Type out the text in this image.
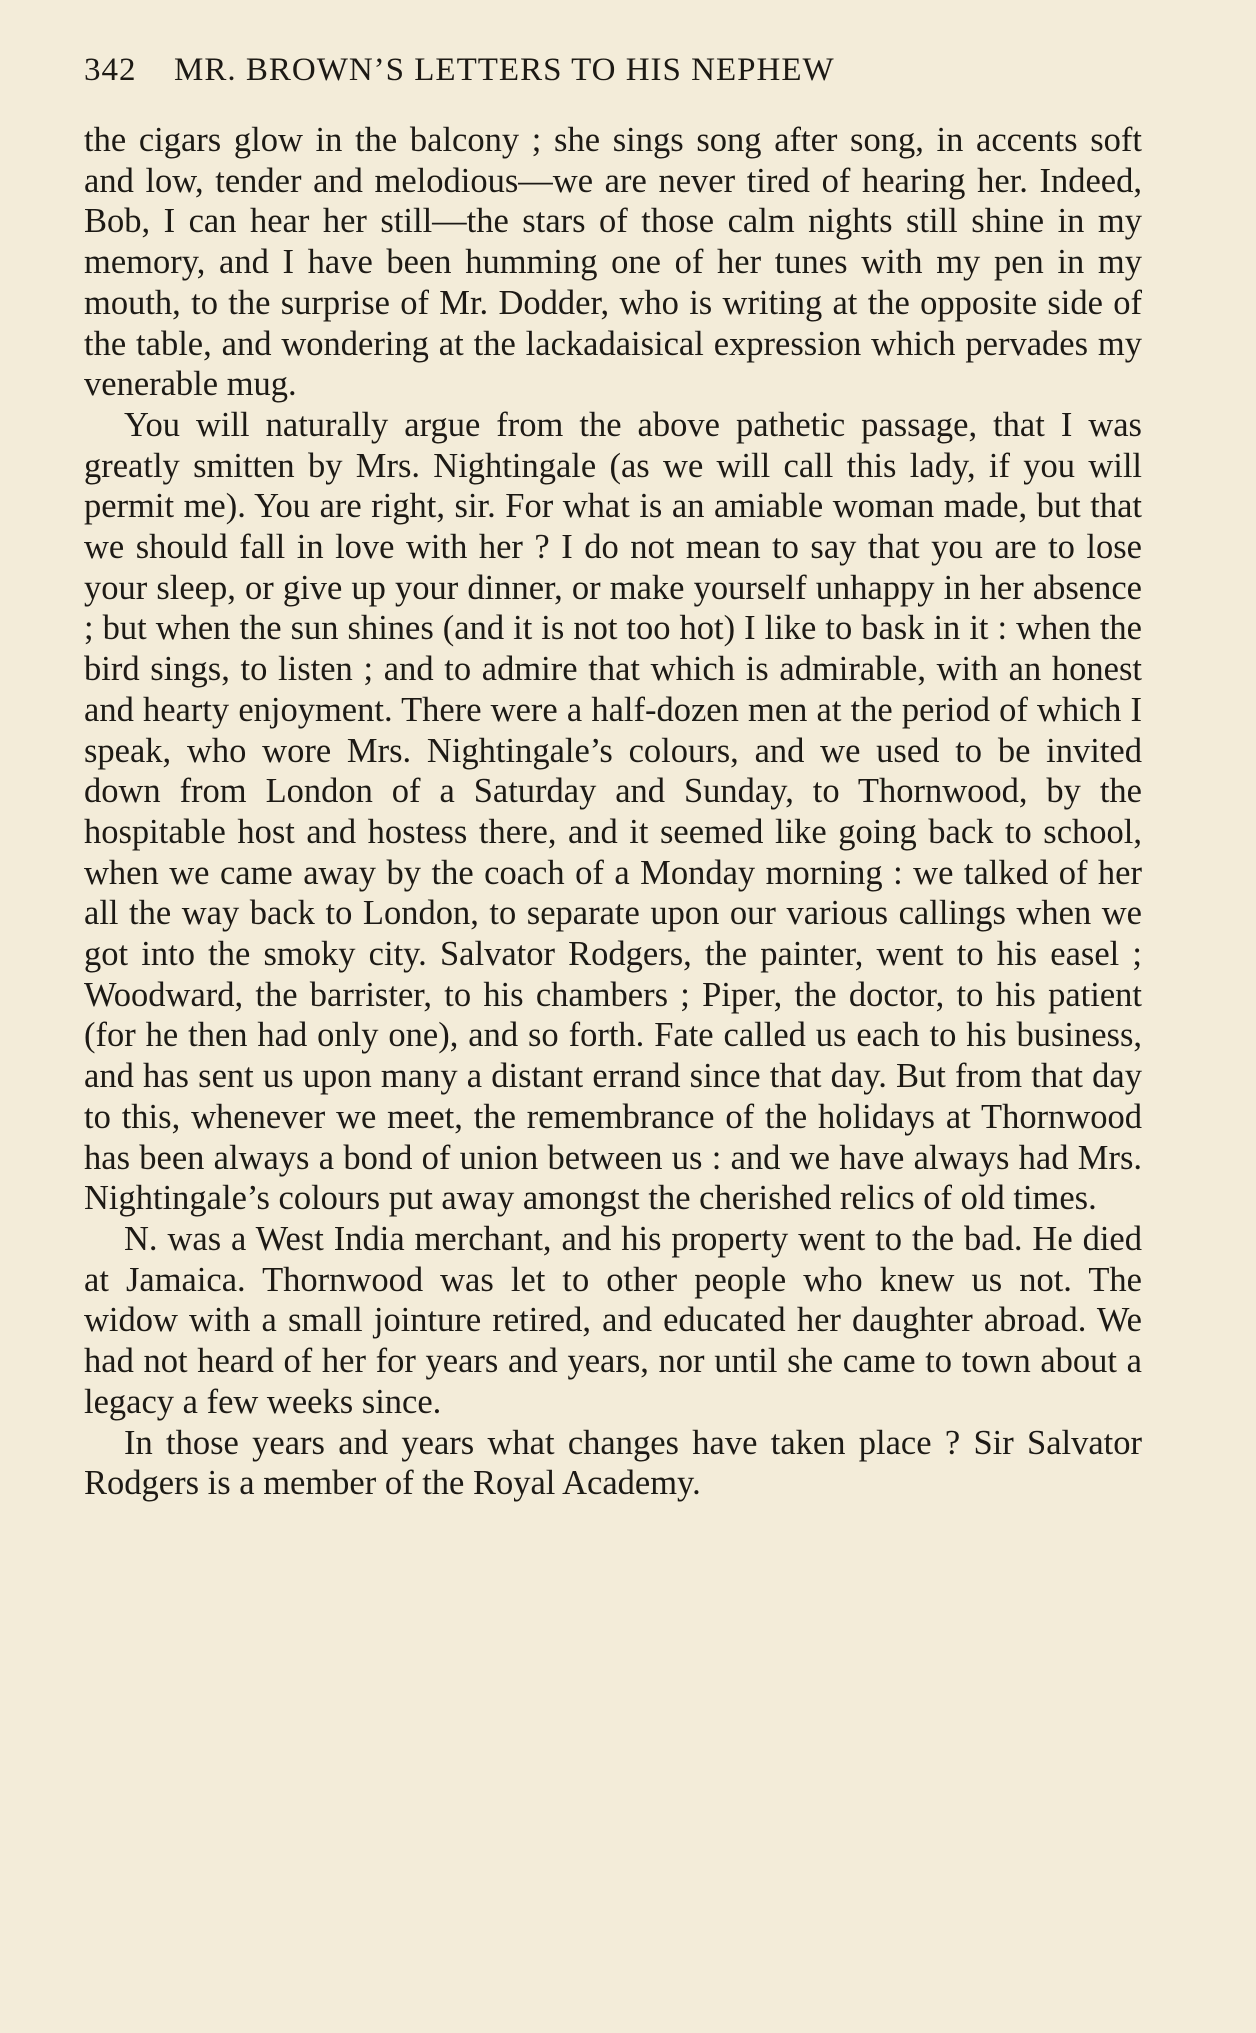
342	MR. BROWN’S LETTERS TO HIS NEPHEW

the cigars glow in the balcony ; she sings song after song, in accents soft and low, tender and melodious—we are never tired of hearing her. Indeed, Bob, I can hear her still—the stars of those calm nights still shine in my memory, and I have been humming one of her tunes with my pen in my mouth, to the surprise of Mr. Dodder, who is writing at the opposite side of the table, and wondering at the lackadaisical expression which pervades my venerable mug.

You will naturally argue from the above pathetic passage, that I was greatly smitten by Mrs. Nightingale (as we will call this lady, if you will permit me). You are right, sir. For what is an amiable woman made, but that we should fall in love with her ? I do not mean to say that you are to lose your sleep, or give up your dinner, or make yourself unhappy in her absence ; but when the sun shines (and it is not too hot) I like to bask in it : when the bird sings, to listen ; and to admire that which is admirable, with an honest and hearty enjoyment. There were a half-dozen men at the period of which I speak, who wore Mrs. Nightingale’s colours, and we used to be invited down from London of a Saturday and Sunday, to Thornwood, by the hospitable host and hostess there, and it seemed like going back to school, when we came away by the coach of a Monday morning : we talked of her all the way back to London, to separate upon our various callings when we got into the smoky city. Salvator Rodgers, the painter, went to his easel ; Woodward, the barrister, to his chambers ; Piper, the doctor, to his patient (for he then had only one), and so forth. Fate called us each to his business, and has sent us upon many a distant errand since that day. But from that day to this, whenever we meet, the remembrance of the holidays at Thornwood has been always a bond of union between us : and we have always had Mrs. Nightingale’s colours put away amongst the cherished relics of old times.

N. was a West India merchant, and his property went to the bad. He died at Jamaica. Thornwood was let to other people who knew us not. The widow with a small jointure retired, and educated her daughter abroad. We had not heard of her for years and years, nor until she came to town about a legacy a few weeks since.

In those years and years what changes have taken place ? Sir Salvator Rodgers is a member of the Royal Academy.
